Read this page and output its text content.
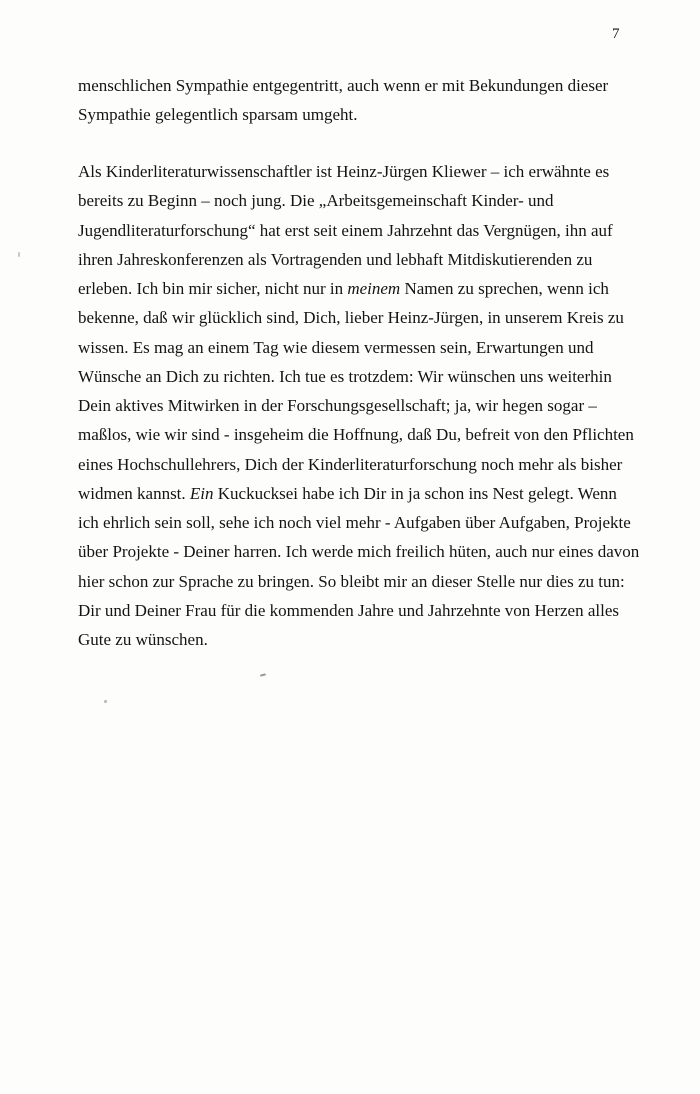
7
menschlichen Sympathie entgegentritt, auch wenn er mit Bekundungen dieser
Sympathie gelegentlich sparsam umgeht.
Als Kinderliteraturwissenschaftler ist Heinz-Jürgen Kliewer – ich erwähnte es
bereits zu Beginn – noch jung. Die „Arbeitsgemeinschaft Kinder- und
Jugendliteraturforschung“ hat erst seit einem Jahrzehnt das Vergnügen, ihn auf
ihren Jahreskonferenzen als Vortragenden und lebhaft Mitdiskutierenden zu
erleben. Ich bin mir sicher, nicht nur in meinem Namen zu sprechen, wenn ich
bekenne, daß wir glücklich sind, Dich, lieber Heinz-Jürgen, in unserem Kreis zu
wissen. Es mag an einem Tag wie diesem vermessen sein, Erwartungen und
Wünsche an Dich zu richten. Ich tue es trotzdem: Wir wünschen uns weiterhin
Dein aktives Mitwirken in der Forschungsgesellschaft; ja, wir hegen sogar –
maßlos, wie wir sind - insgeheim die Hoffnung, daß Du, befreit von den Pflichten
eines Hochschullehrers, Dich der Kinderliteraturforschung noch mehr als bisher
widmen kannst. Ein Kuckucksei habe ich Dir in ja schon ins Nest gelegt. Wenn
ich ehrlich sein soll, sehe ich noch viel mehr - Aufgaben über Aufgaben, Projekte
über Projekte - Deiner harren. Ich werde mich freilich hüten, auch nur eines davon
hier schon zur Sprache zu bringen. So bleibt mir an dieser Stelle nur dies zu tun:
Dir und Deiner Frau für die kommenden Jahre und Jahrzehnte von Herzen alles
Gute zu wünschen.
